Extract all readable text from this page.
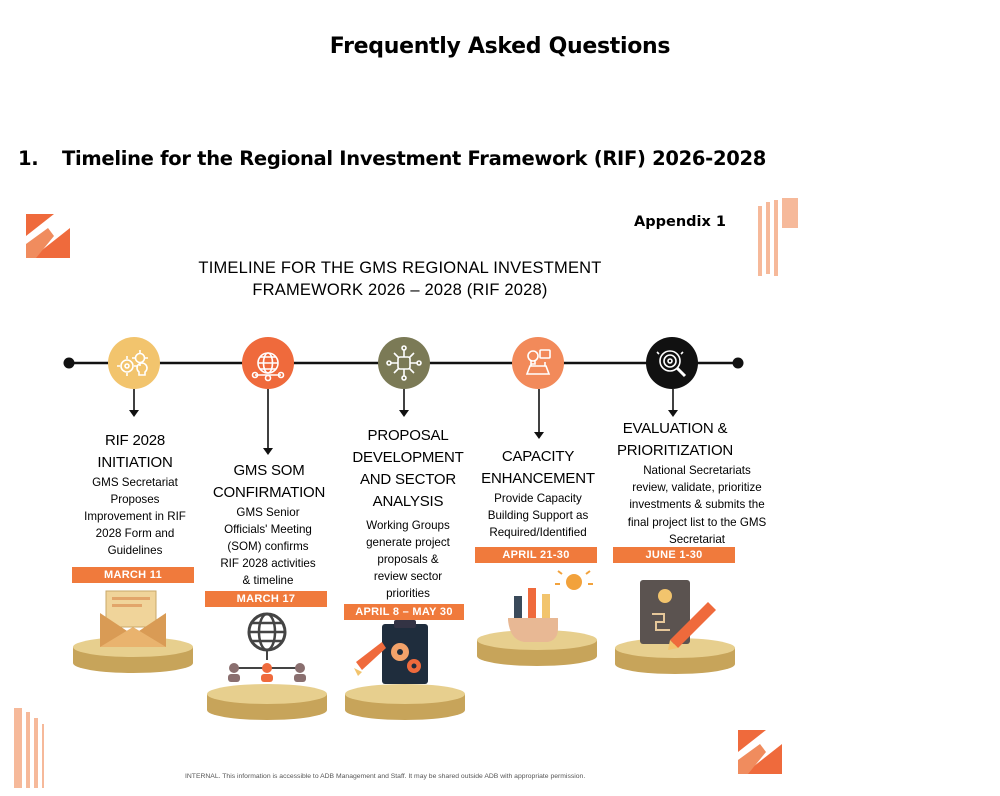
Frequently Asked Questions
1. Timeline for the Regional Investment Framework (RIF) 2026-2028
Appendix 1
TIMELINE FOR THE GMS REGIONAL INVESTMENT
FRAMEWORK 2026 – 2028 (RIF 2028)
RIF 2028
INITIATION
GMS Secretariat
Proposes
Improvement in RIF
2028 Form and
Guidelines
MARCH 11
GMS SOM
CONFIRMATION
GMS Senior
Officials' Meeting
(SOM) confirms
RIF 2028 activities
& timeline
MARCH 17
PROPOSAL
DEVELOPMENT
AND SECTOR
ANALYSIS
Working Groups
generate project
proposals &
review sector
priorities
APRIL 8 – MAY 30
CAPACITY
ENHANCEMENT
Provide Capacity
Building Support as
Required/Identified
APRIL 21-30
EVALUATION &
PRIORITIZATION
National Secretariats
review, validate, prioritize
investments & submits the
final project list to the GMS
Secretariat
JUNE 1-30
INTERNAL. This information is accessible to ADB Management and Staff. It may be shared outside ADB with appropriate permission.
